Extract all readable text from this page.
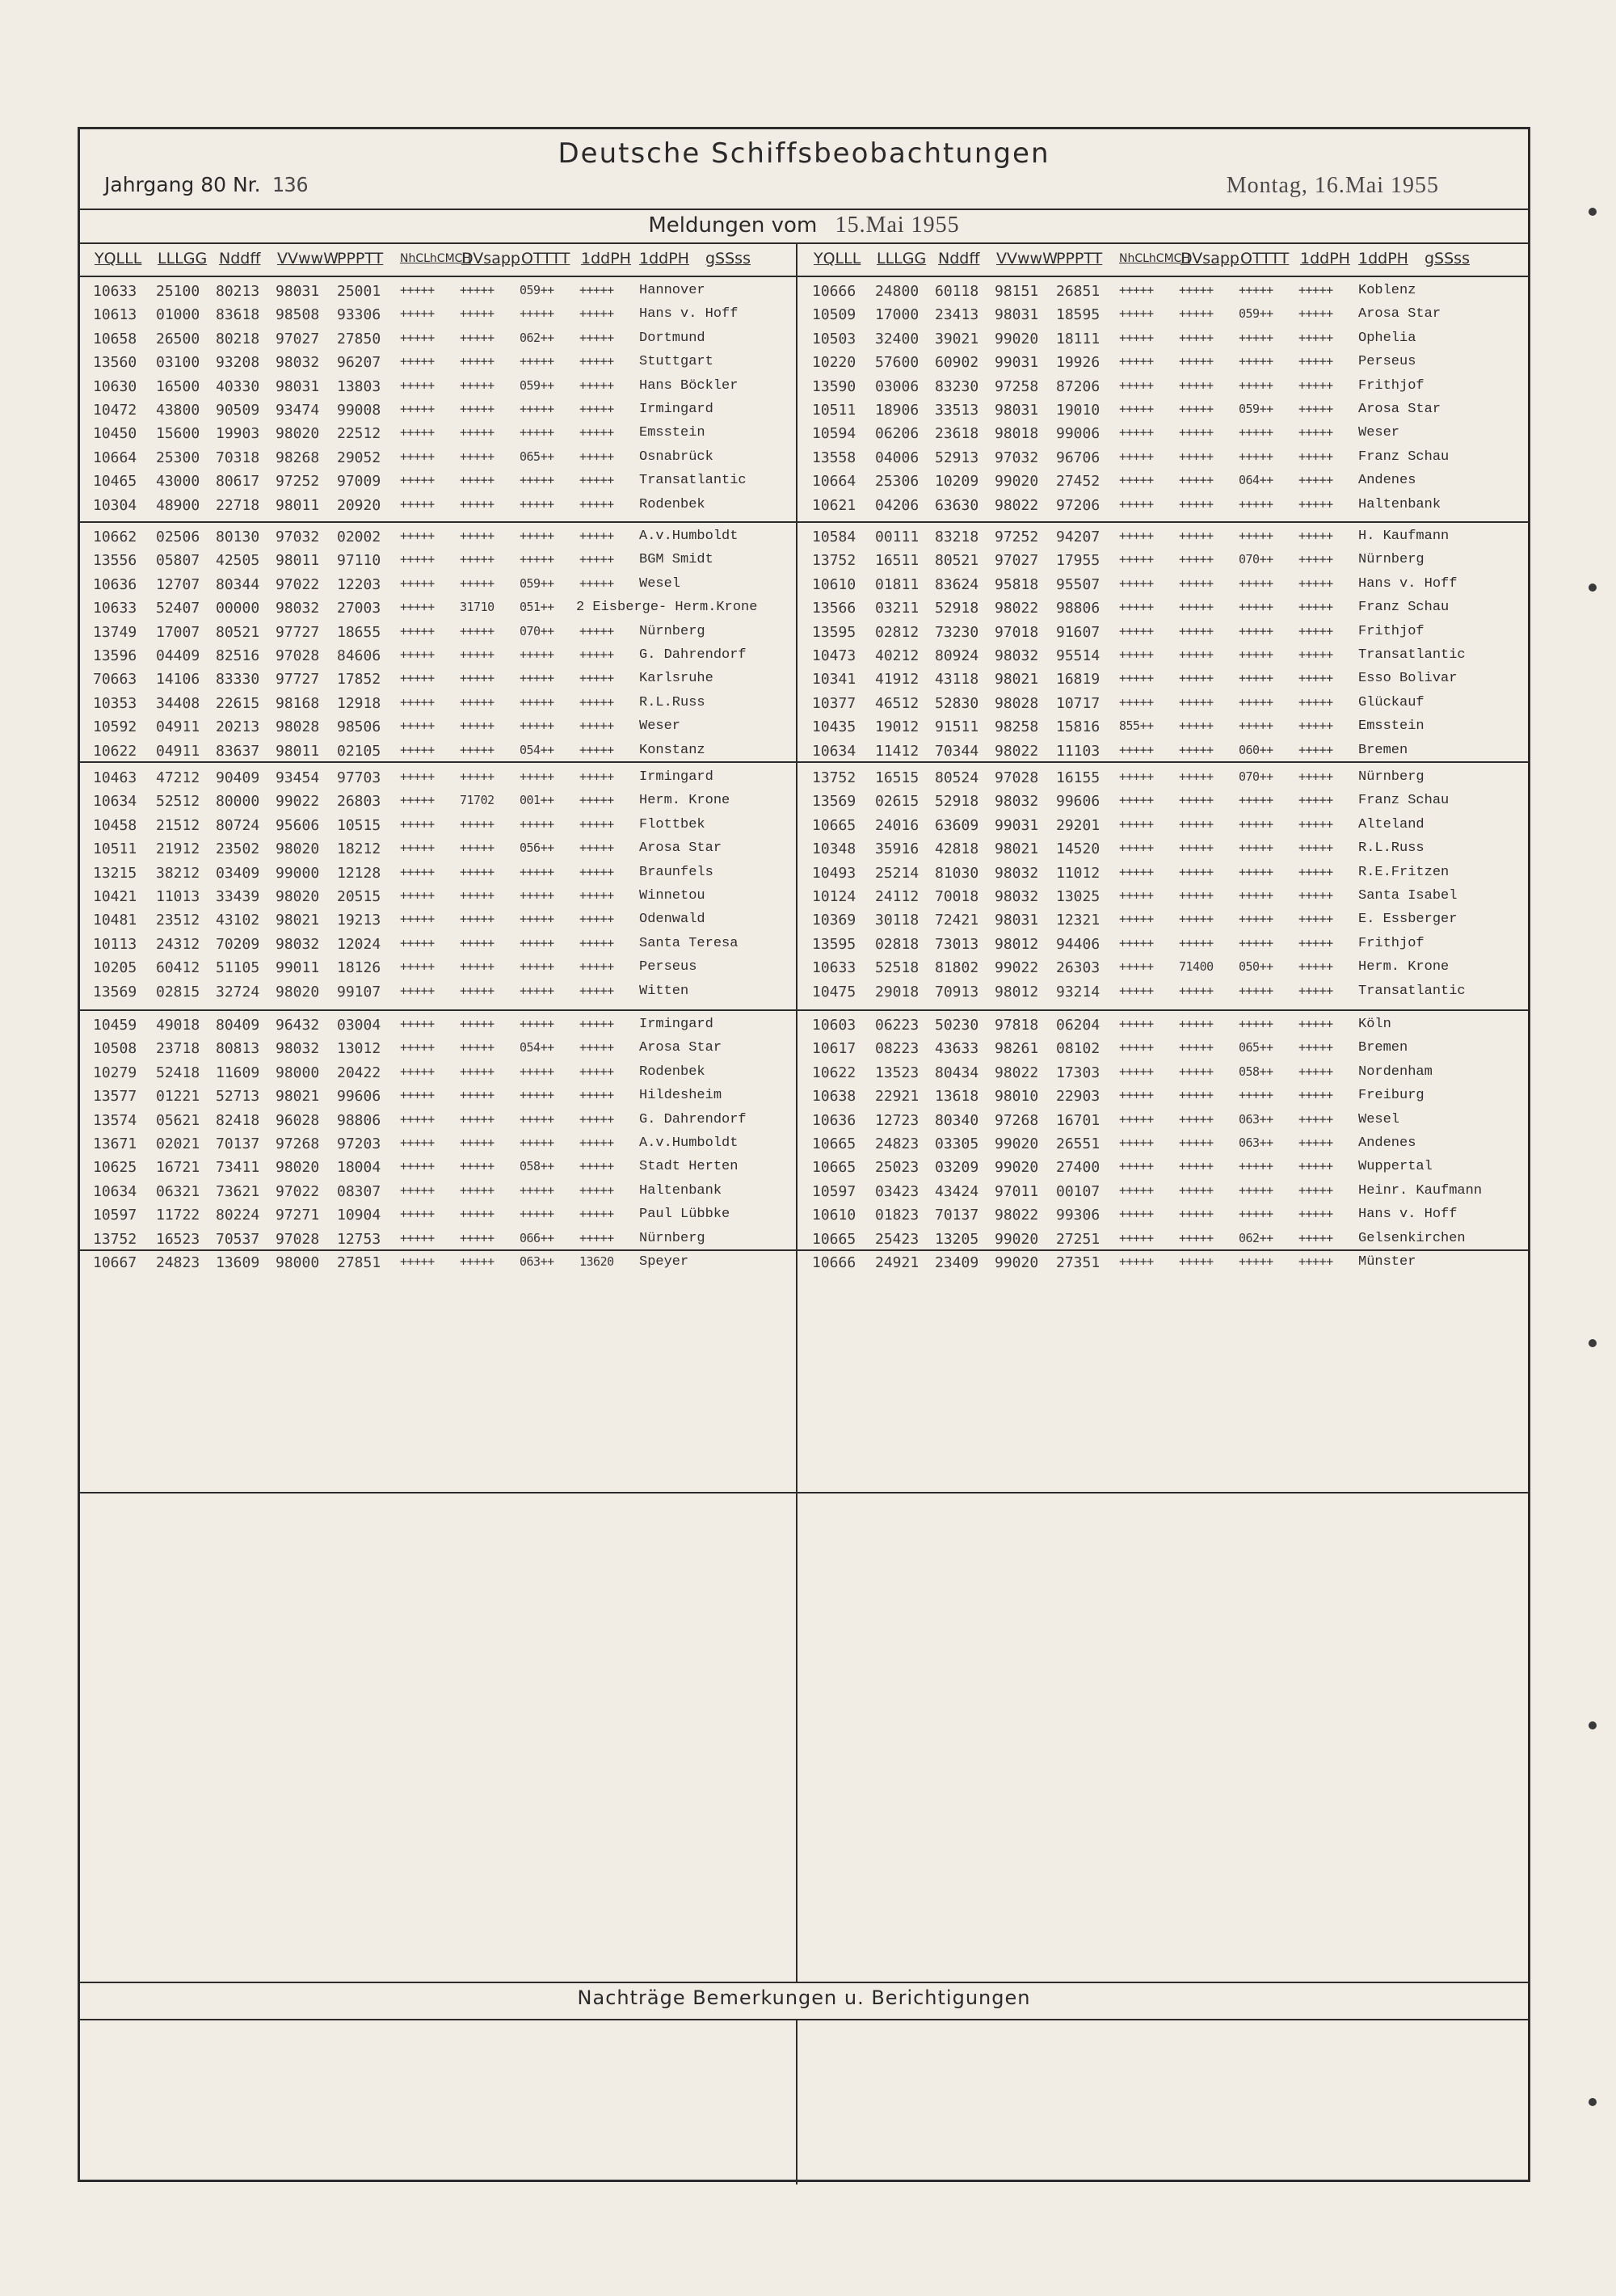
Deutsche Schiffsbeobachtungen
Jahrgang 80 Nr. 136	Montag, 16.Mai 1955
Meldungen vom 15.Mai 1955
YQLLL LLLGG Nddff VVwwW
PPPTT NhCLhCMCH
DVsapp OTTTT 1ddPH 1ddPH gSSss	YQLLL LLLGG Nddff VVwwW
PPPTT NhCLhCMCH
DVsapp OTTTT 1ddPH 1ddPH gSSss
Nachträge Bemerkungen u. Berichtigungen
10633 25100 80213 98031 25001 +++++ +++++ 059++ +++++ Hannover
10613 01000 83618 98508 93306 +++++ +++++ +++++ +++++ Hans v. Hoff
10658 26500 80218 97027 27850 +++++ +++++ 062++ +++++ Dortmund
13560 03100 93208 98032 96207 +++++ +++++ +++++ +++++ Stuttgart
10630 16500 40330 98031 13803 +++++ +++++ 059++ +++++ Hans Böckler
10472 43800 90509 93474 99008 +++++ +++++ +++++ +++++ Irmingard
10450 15600 19903 98020 22512 +++++ +++++ +++++ +++++ Emsstein
10664 25300 70318 98268 29052 +++++ +++++ 065++ +++++ Osnabrück
10465 43000 80617 97252 97009 +++++ +++++ +++++ +++++ Transatlantic
10304 48900 22718 98011 20920 +++++ +++++ +++++ +++++ Rodenbek
10666 24800 60118 98151 26851 +++++ +++++ +++++ +++++ Koblenz
10509 17000 23413 98031 18595 +++++ +++++ 059++ +++++ Arosa Star
10503 32400 39021 99020 18111 +++++ +++++ +++++ +++++ Ophelia
10220 57600 60902 99031 19926 +++++ +++++ +++++ +++++ Perseus
13590 03006 83230 97258 87206 +++++ +++++ +++++ +++++ Frithjof
10511 18906 33513 98031 19010 +++++ +++++ 059++ +++++ Arosa Star
10594 06206 23618 98018 99006 +++++ +++++ +++++ +++++ Weser
13558 04006 52913 97032 96706 +++++ +++++ +++++ +++++ Franz Schau
10664 25306 10209 99020 27452 +++++ +++++ 064++ +++++ Andenes
10621 04206 63630 98022 97206 +++++ +++++ +++++ +++++ Haltenbank
10662 02506 80130 97032 02002 +++++ +++++ +++++ +++++ A.v.Humboldt
13556 05807 42505 98011 97110 +++++ +++++ +++++ +++++ BGM Smidt
10636 12707 80344 97022 12203 +++++ +++++ 059++ +++++ Wesel
10633 52407 00000 98032 27003 +++++ 31710 051++ 2 Eisberge- Herm.Krone
13749 17007 80521 97727 18655 +++++ +++++ 070++ +++++ Nürnberg
13596 04409 82516 97028 84606 +++++ +++++ +++++ +++++ G. Dahrendorf
70663 14106 83330 97727 17852 +++++ +++++ +++++ +++++ Karlsruhe
10353 34408 22615 98168 12918 +++++ +++++ +++++ +++++ R.L.Russ
10592 04911 20213 98028 98506 +++++ +++++ +++++ +++++ Weser
10622 04911 83637 98011 02105 +++++ +++++ 054++ +++++ Konstanz
10584 00111 83218 97252 94207 +++++ +++++ +++++ +++++ H. Kaufmann
13752 16511 80521 97027 17955 +++++ +++++ 070++ +++++ Nürnberg
10610 01811 83624 95818 95507 +++++ +++++ +++++ +++++ Hans v. Hoff
13566 03211 52918 98022 98806 +++++ +++++ +++++ +++++ Franz Schau
13595 02812 73230 97018 91607 +++++ +++++ +++++ +++++ Frithjof
10473 40212 80924 98032 95514 +++++ +++++ +++++ +++++ Transatlantic
10341 41912 43118 98021 16819 +++++ +++++ +++++ +++++ Esso Bolivar
10377 46512 52830 98028 10717 +++++ +++++ +++++ +++++ Glückauf
10435 19012 91511 98258 15816 855++ +++++ +++++ +++++ Emsstein
10634 11412 70344 98022 11103 +++++ +++++ 060++ +++++ Bremen
10463 47212 90409 93454 97703 +++++ +++++ +++++ +++++ Irmingard
10634 52512 80000 99022 26803 +++++ 71702 001++ +++++ Herm. Krone
10458 21512 80724 95606 10515 +++++ +++++ +++++ +++++ Flottbek
10511 21912 23502 98020 18212 +++++ +++++ 056++ +++++ Arosa Star
13215 38212 03409 99000 12128 +++++ +++++ +++++ +++++ Braunfels
10421 11013 33439 98020 20515 +++++ +++++ +++++ +++++ Winnetou
10481 23512 43102 98021 19213 +++++ +++++ +++++ +++++ Odenwald
10113 24312 70209 98032 12024 +++++ +++++ +++++ +++++ Santa Teresa
10205 60412 51105 99011 18126 +++++ +++++ +++++ +++++ Perseus
13569 02815 32724 98020 99107 +++++ +++++ +++++ +++++ Witten
13752 16515 80524 97028 16155 +++++ +++++ 070++ +++++ Nürnberg
13569 02615 52918 98032 99606 +++++ +++++ +++++ +++++ Franz Schau
10665 24016 63609 99031 29201 +++++ +++++ +++++ +++++ Alteland
10348 35916 42818 98021 14520 +++++ +++++ +++++ +++++ R.L.Russ
10493 25214 81030 98032 11012 +++++ +++++ +++++ +++++ R.E.Fritzen
10124 24112 70018 98032 13025 +++++ +++++ +++++ +++++ Santa Isabel
10369 30118 72421 98031 12321 +++++ +++++ +++++ +++++ E. Essberger
13595 02818 73013 98012 94406 +++++ +++++ +++++ +++++ Frithjof
10633 52518 81802 99022 26303 +++++ 71400 050++ +++++ Herm. Krone
10475 29018 70913 98012 93214 +++++ +++++ +++++ +++++ Transatlantic
10459 49018 80409 96432 03004 +++++ +++++ +++++ +++++ Irmingard
10508 23718 80813 98032 13012 +++++ +++++ 054++ +++++ Arosa Star
10279 52418 11609 98000 20422 +++++ +++++ +++++ +++++ Rodenbek
13577 01221 52713 98021 99606 +++++ +++++ +++++ +++++ Hildesheim
13574 05621 82418 96028 98806 +++++ +++++ +++++ +++++ G. Dahrendorf
13671 02021 70137 97268 97203 +++++ +++++ +++++ +++++ A.v.Humboldt
10625 16721 73411 98020 18004 +++++ +++++ 058++ +++++ Stadt Herten
10634 06321 73621 97022 08307 +++++ +++++ +++++ +++++ Haltenbank
10597 11722 80224 97271 10904 +++++ +++++ +++++ +++++ Paul Lübbke
13752 16523 70537 97028 12753 +++++ +++++ 066++ +++++ Nürnberg
10667 24823 13609 98000 27851 +++++ +++++ 063++ 13620 Speyer
10603 06223 50230 97818 06204 +++++ +++++ +++++ +++++ Köln
10617 08223 43633 98261 08102 +++++ +++++ 065++ +++++ Bremen
10622 13523 80434 98022 17303 +++++ +++++ 058++ +++++ Nordenham
10638 22921 13618 98010 22903 +++++ +++++ +++++ +++++ Freiburg
10636 12723 80340 97268 16701 +++++ +++++ 063++ +++++ Wesel
10665 24823 03305 99020 26551 +++++ +++++ 063++ +++++ Andenes
10665 25023 03209 99020 27400 +++++ +++++ +++++ +++++ Wuppertal
10597 03423 43424 97011 00107 +++++ +++++ +++++ +++++ Heinr. Kaufmann
10610 01823 70137 98022 99306 +++++ +++++ +++++ +++++ Hans v. Hoff
10665 25423 13205 99020 27251 +++++ +++++ 062++ +++++ Gelsenkirchen
10666 24921 23409 99020 27351 +++++ +++++ +++++ +++++ Münster
